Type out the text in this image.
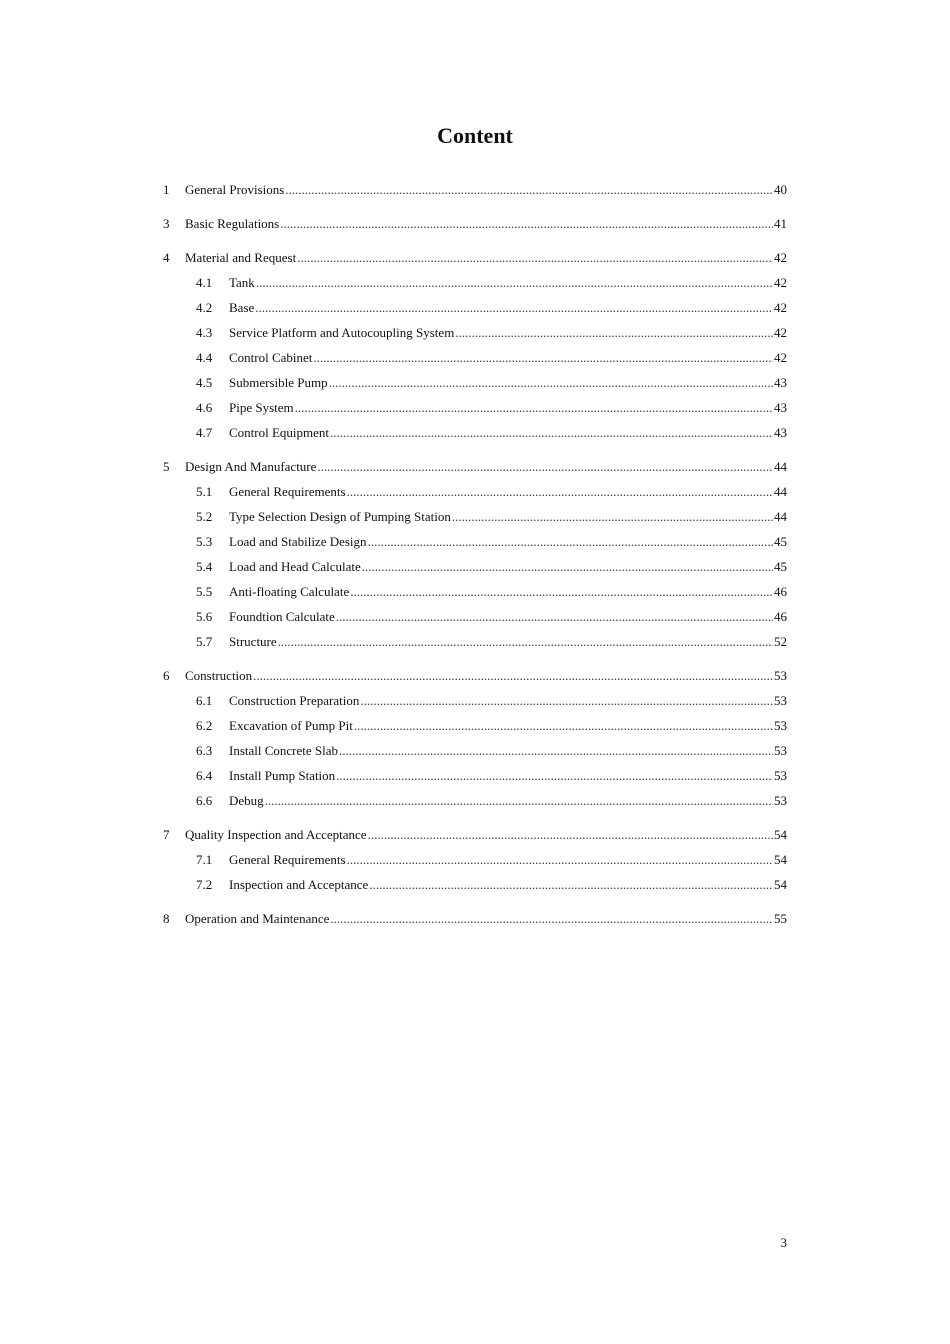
Content
1	General Provisions .....	40
3	Basic Regulations .....	41
4	Material and Request .....	42
4.1	Tank .....	42
4.2	Base .....	42
4.3	Service Platform and Autocoupling System .....	42
4.4	Control Cabinet .....	42
4.5	Submersible Pump .....	43
4.6	Pipe System .....	43
4.7	Control Equipment .....	43
5	Design And Manufacture .....	44
5.1	General Requirements .....	44
5.2	Type Selection Design of Pumping Station .....	44
5.3	Load and Stabilize Design .....	45
5.4	Load and Head Calculate .....	45
5.5	Anti-floating Calculate .....	46
5.6	Foundtion Calculate .....	46
5.7	Structure .....	52
6	Construction .....	53
6.1	Construction Preparation .....	53
6.2	Excavation of Pump Pit .....	53
6.3	Install Concrete Slab .....	53
6.4	Install Pump Station .....	53
6.6	Debug .....	53
7	Quality Inspection and Acceptance .....	54
7.1	General Requirements .....	54
7.2	Inspection and Acceptance .....	54
8	Operation and Maintenance .....	55
3
